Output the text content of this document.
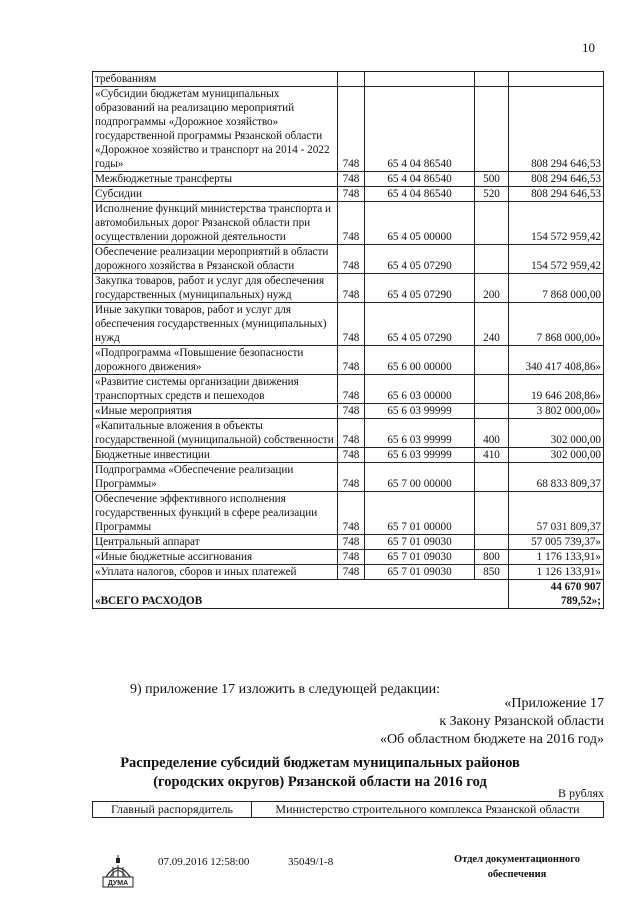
10
требованиям				
«Субсидии бюджетам муниципальных образований на реализацию мероприятий подпрограммы «Дорожное хозяйство» государственной программы Рязанской области «Дорожное хозяйство и транспорт на 2014 - 2022 годы»	748	65 4 04 86540		808 294 646,53
Межбюджетные трансферты	748	65 4 04 86540	500	808 294 646,53
Субсидии	748	65 4 04 86540	520	808 294 646,53
Исполнение функций министерства транспорта и автомобильных дорог Рязанской области при осуществлении дорожной деятельности	748	65 4 05 00000		154 572 959,42
Обеспечение реализации мероприятий в области дорожного хозяйства в Рязанской области	748	65 4 05 07290		154 572 959,42
Закупка товаров, работ и услуг для обеспечения государственных (муниципальных) нужд	748	65 4 05 07290	200	7 868 000,00
Иные закупки товаров, работ и услуг для обеспечения государственных (муниципальных) нужд	748	65 4 05 07290	240	7 868 000,00»
«Подпрограмма «Повышение безопасности дорожного движения»	748	65 6 00 00000		340 417 408,86»
«Развитие системы организации движения транспортных средств и пешеходов	748	65 6 03 00000		19 646 208,86»
«Иные мероприятия	748	65 6 03 99999		3 802 000,00»
«Капитальные вложения в объекты государственной (муниципальной) собственности	748	65 6 03 99999	400	302 000,00
Бюджетные инвестиции	748	65 6 03 99999	410	302 000,00
Подпрограмма «Обеспечение реализации Программы»	748	65 7 00 00000		68 833 809,37
Обеспечение эффективного исполнения государственных функций в сфере реализации Программы	748	65 7 01 00000		57 031 809,37
Центральный аппарат	748	65 7 01 09030		57 005 739,37»
«Иные бюджетные ассигнования	748	65 7 01 09030	800	1 176 133,91»
«Уплата налогов, сборов и иных платежей	748	65 7 01 09030	850	1 126 133,91»
«ВСЕГО РАСХОДОВ				44 670 907 789,52»;
9) приложение 17 изложить в следующей редакции:
«Приложение 17
к Закону Рязанской области
«Об областном бюджете на 2016 год»
Распределение субсидий бюджетам муниципальных районов
(городских округов) Рязанской области на 2016 год
В рублях
Главный распорядитель	Министерство строительного комплекса Рязанской области
ДУМА
07.09.2016 12:58:00	35049/1-8	Отдел документационного
обеспечения
